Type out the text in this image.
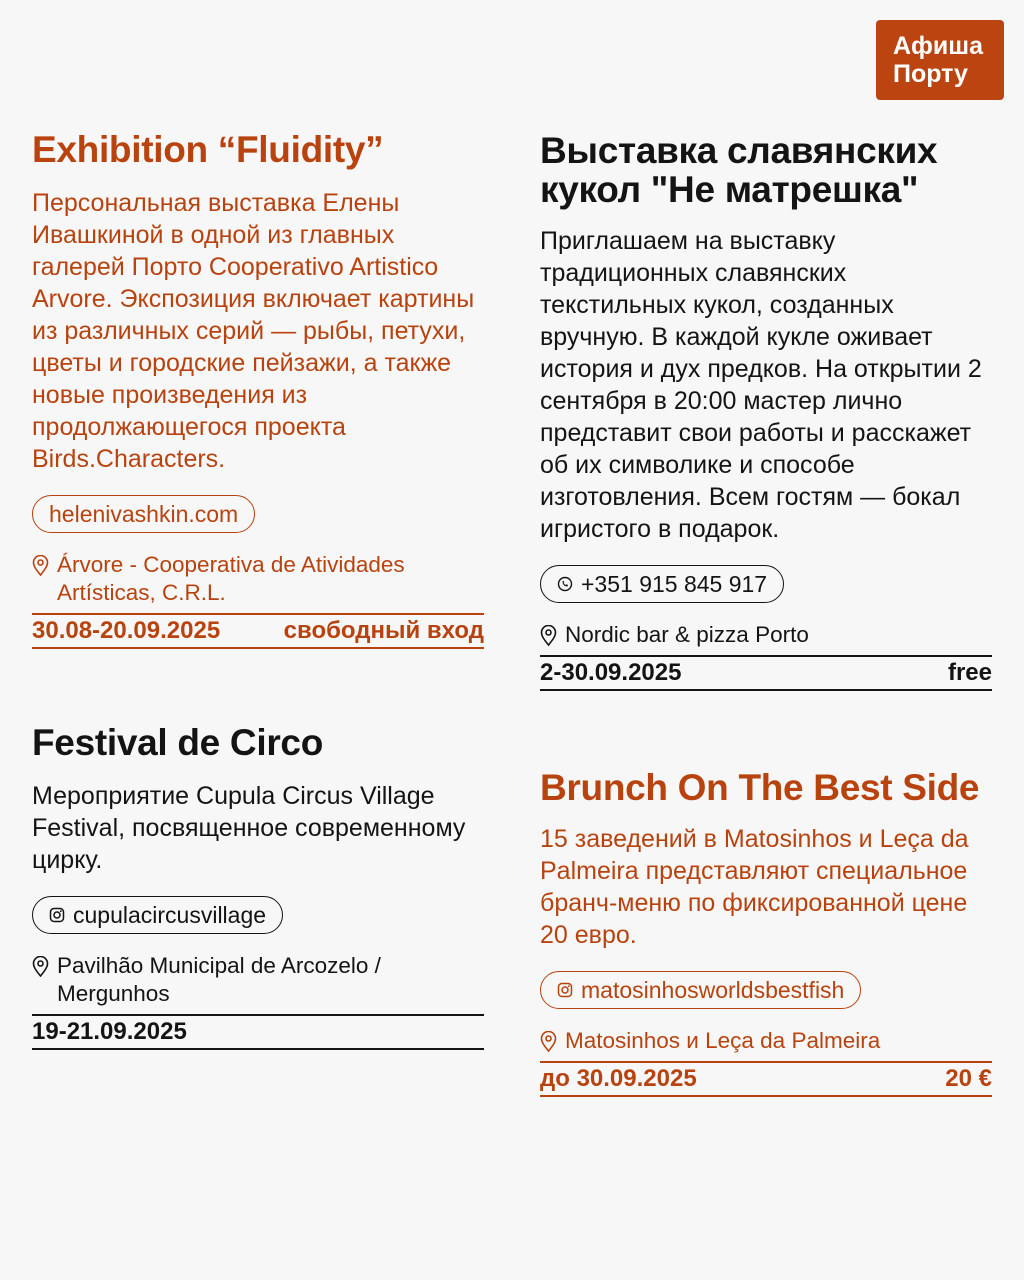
Афиша
Порту
Exhibition “Fluidity”
Персональная выставка Елены Ивашкиной в одной из главных галерей Порто Cooperativo Artistico Arvore. Экспозиция включает картины из различных серий — рыбы, петухи, цветы и городские пейзажи, а также новые произведения из продолжающегося проекта Birds.Characters.
helenivashkin.com
Árvore - Cooperativa de Atividades Artísticas, C.R.L.
30.08-20.09.2025	свободный вход
Выставка славянских кукол "Не матрешка"
Приглашаем на выставку традиционных славянских текстильных кукол, созданных вручную. В каждой кукле оживает история и дух предков. На открытии 2 сентября в 20:00 мастер лично представит свои работы и расскажет об их символике и способе изготовления. Всем гостям — бокал игристого в подарок.
+351 915 845 917
Nordic bar & pizza Porto
2-30.09.2025	free
Festival de Circo
Мероприятие Cupula Circus Village Festival, посвященное современному цирку.
cupulacircusvillage
Pavilhão Municipal de Arcozelo / Mergunhos
19-21.09.2025
Brunch On The Best Side
15 заведений в Matosinhos и Leça da Palmeira представляют специальное бранч-меню по фиксированной цене 20 евро.
matosinhosworldsbestfish
Matosinhos и Leça da Palmeira
до 30.09.2025	20 €
